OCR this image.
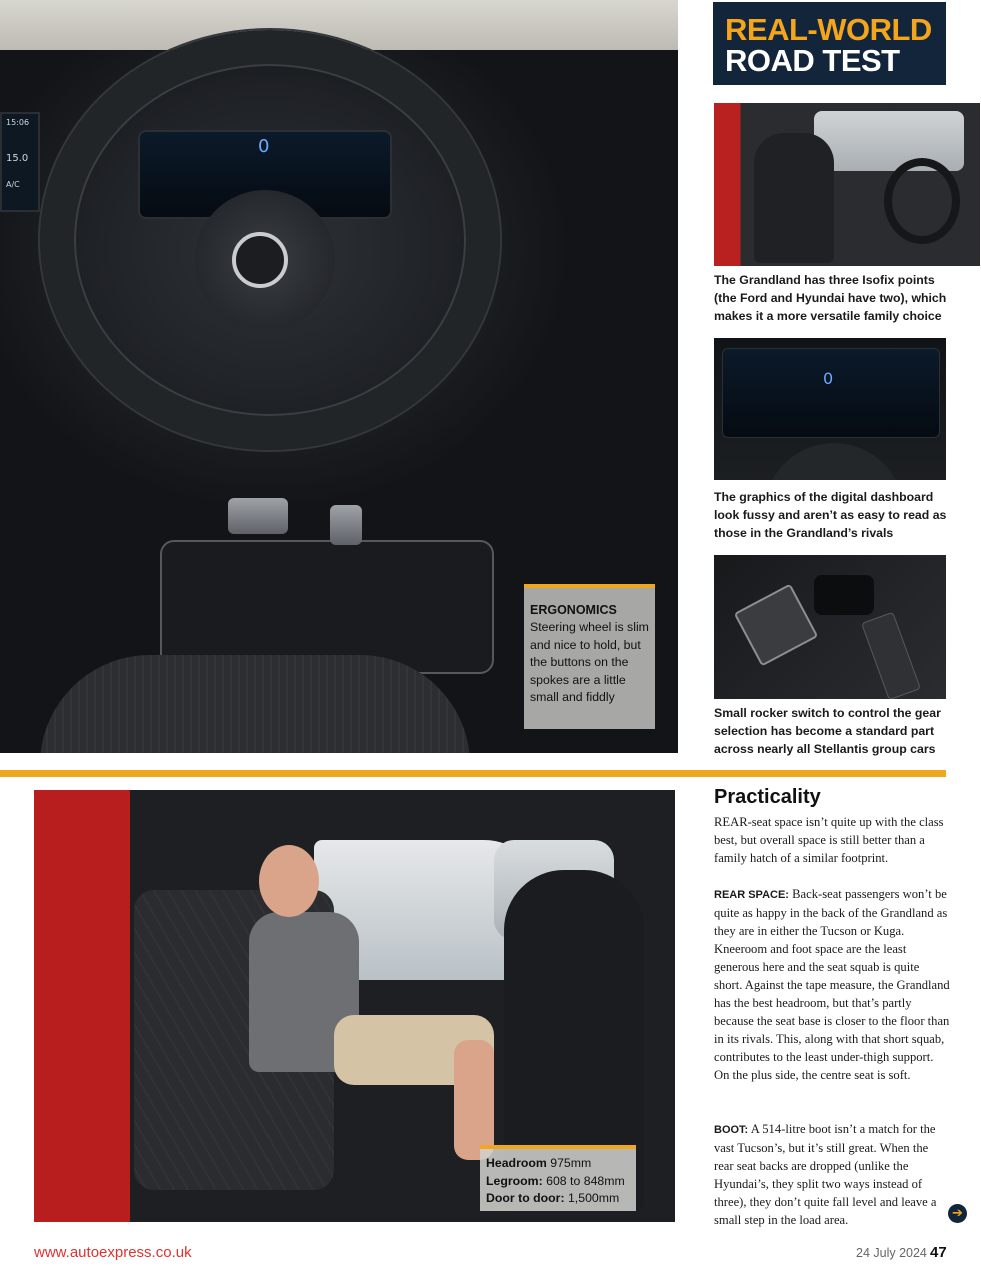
15:06
15.0
A/C
0
ERGONOMICS
Steering wheel is slim and nice to hold, but the buttons on the spokes are a little small and fiddly
REAL-WORLD
ROAD TEST
The Grandland has three Isofix points (the Ford and Hyundai have two), which makes it a more versatile family choice
0
The graphics of the digital dashboard look fussy and aren’t as easy to read as those in the Grandland’s rivals
Small rocker switch to control the gear selection has become a standard part across nearly all Stellantis group cars
Headroom 975mm
Legroom: 608 to 848mm
Door to door: 1,500mm
Practicality
REAR-seat space isn’t quite up with the class best, but overall space is still better than a family hatch of a similar footprint.
REAR SPACE: Back-seat passengers won’t be quite as happy in the back of the Grandland as they are in either the Tucson or Kuga. Kneeroom and foot space are the least generous here and the seat squab is quite short. Against the tape measure, the Grandland has the best headroom, but that’s partly because the seat base is closer to the floor than in its rivals. This, along with that short squab, contributes to the least under-thigh support. On the plus side, the centre seat is soft.
BOOT: A 514-litre boot isn’t a match for the vast Tucson’s, but it’s still great. When the rear seat backs are dropped (unlike the Hyundai’s, they split two ways instead of three), they don’t quite fall level and leave a small step in the load area.	➔
www.autoexpress.co.uk	24 July 2024 47
